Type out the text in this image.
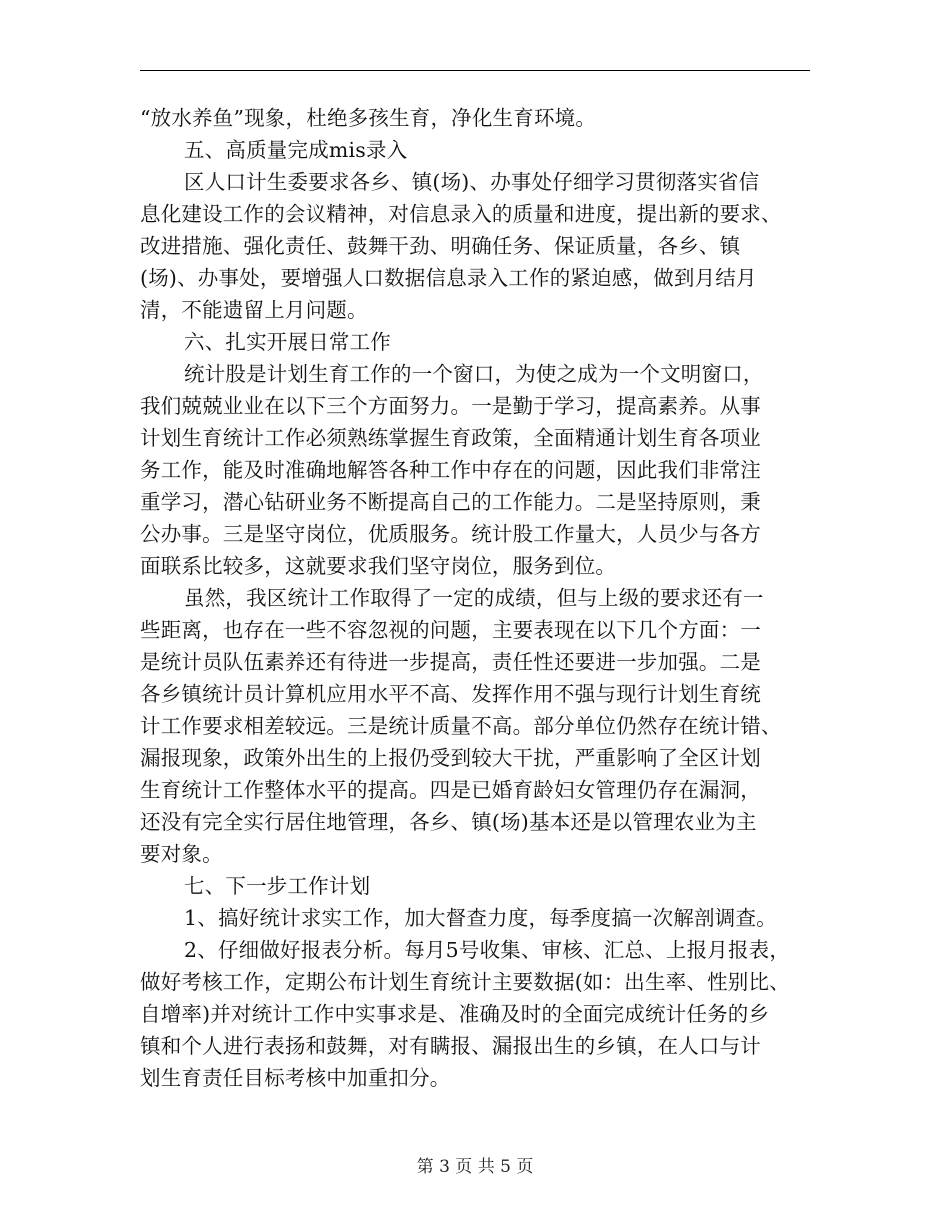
“放水养鱼”现象，杜绝多孩生育，净化生育环境。
五、高质量完成mis录入
区人口计生委要求各乡、镇(场)、办事处仔细学习贯彻落实省信
息化建设工作的会议精神，对信息录入的质量和进度，提出新的要求、
改进措施、强化责任、鼓舞干劲、明确任务、保证质量，各乡、镇
(场)、办事处，要增强人口数据信息录入工作的紧迫感，做到月结月
清，不能遗留上月问题。
六、扎实开展日常工作
统计股是计划生育工作的一个窗口，为使之成为一个文明窗口，
我们兢兢业业在以下三个方面努力。一是勤于学习，提高素养。从事
计划生育统计工作必须熟练掌握生育政策，全面精通计划生育各项业
务工作，能及时准确地解答各种工作中存在的问题，因此我们非常注
重学习，潜心钻研业务不断提高自己的工作能力。二是坚持原则，秉
公办事。三是坚守岗位，优质服务。统计股工作量大，人员少与各方
面联系比较多，这就要求我们坚守岗位，服务到位。
虽然，我区统计工作取得了一定的成绩，但与上级的要求还有一
些距离，也存在一些不容忽视的问题，主要表现在以下几个方面：一
是统计员队伍素养还有待进一步提高，责任性还要进一步加强。二是
各乡镇统计员计算机应用水平不高、发挥作用不强与现行计划生育统
计工作要求相差较远。三是统计质量不高。部分单位仍然存在统计错、
漏报现象，政策外出生的上报仍受到较大干扰，严重影响了全区计划
生育统计工作整体水平的提高。四是已婚育龄妇女管理仍存在漏洞，
还没有完全实行居住地管理，各乡、镇(场)基本还是以管理农业为主
要对象。
七、下一步工作计划
1、搞好统计求实工作，加大督查力度，每季度搞一次解剖调查。
2、仔细做好报表分析。每月5号收集、审核、汇总、上报月报表，
做好考核工作，定期公布计划生育统计主要数据(如：出生率、性别比、
自增率)并对统计工作中实事求是、准确及时的全面完成统计任务的乡
镇和个人进行表扬和鼓舞，对有瞒报、漏报出生的乡镇，在人口与计
划生育责任目标考核中加重扣分。
第 3 页 共 5 页
